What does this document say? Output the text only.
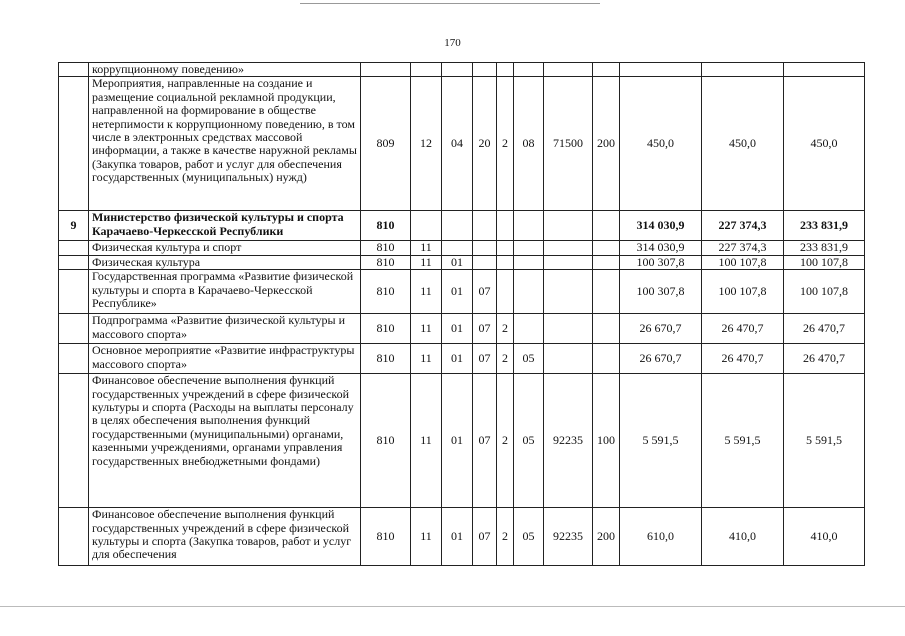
170
	коррупционному поведению»											
	Мероприятия, направленные на создание и размещение социальной рекламной продукции, направленной на формирование в обществе нетерпимости к коррупционному поведению, в том числе в электронных средствах массовой информации, а также в качестве наружной рекламы (Закупка товаров, работ и услуг для обеспечения государственных (муниципальных) нужд)	809	12	04	20	2	08	71500	200	450,0	450,0	450,0
9	Министерство физической культуры и спорта Карачаево-Черкесской Республики	810								314 030,9	227 374,3	233 831,9
	Физическая культура и спорт	810	11							314 030,9	227 374,3	233 831,9
	Физическая культура	810	11	01						100 307,8	100 107,8	100 107,8
	Государственная программа «Развитие физической культуры и спорта в Карачаево-Черкесской Республике»	810	11	01	07					100 307,8	100 107,8	100 107,8
	Подпрограмма «Развитие физической культуры и массового спорта»	810	11	01	07	2				26 670,7	26 470,7	26 470,7
	Основное мероприятие «Развитие инфраструктуры массового спорта»	810	11	01	07	2	05			26 670,7	26 470,7	26 470,7
	Финансовое обеспечение выполнения функций государственных учреждений в сфере физической культуры и спорта (Расходы на выплаты персоналу в целях обеспечения выполнения функций государственными (муниципальными) органами, казенными учреждениями, органами управления государственных внебюджетными фондами)	810	11	01	07	2	05	92235	100	5 591,5	5 591,5	5 591,5
	Финансовое обеспечение выполнения функций государственных учреждений в сфере физической культуры и спорта (Закупка товаров, работ и услуг для обеспечения	810	11	01	07	2	05	92235	200	610,0	410,0	410,0
